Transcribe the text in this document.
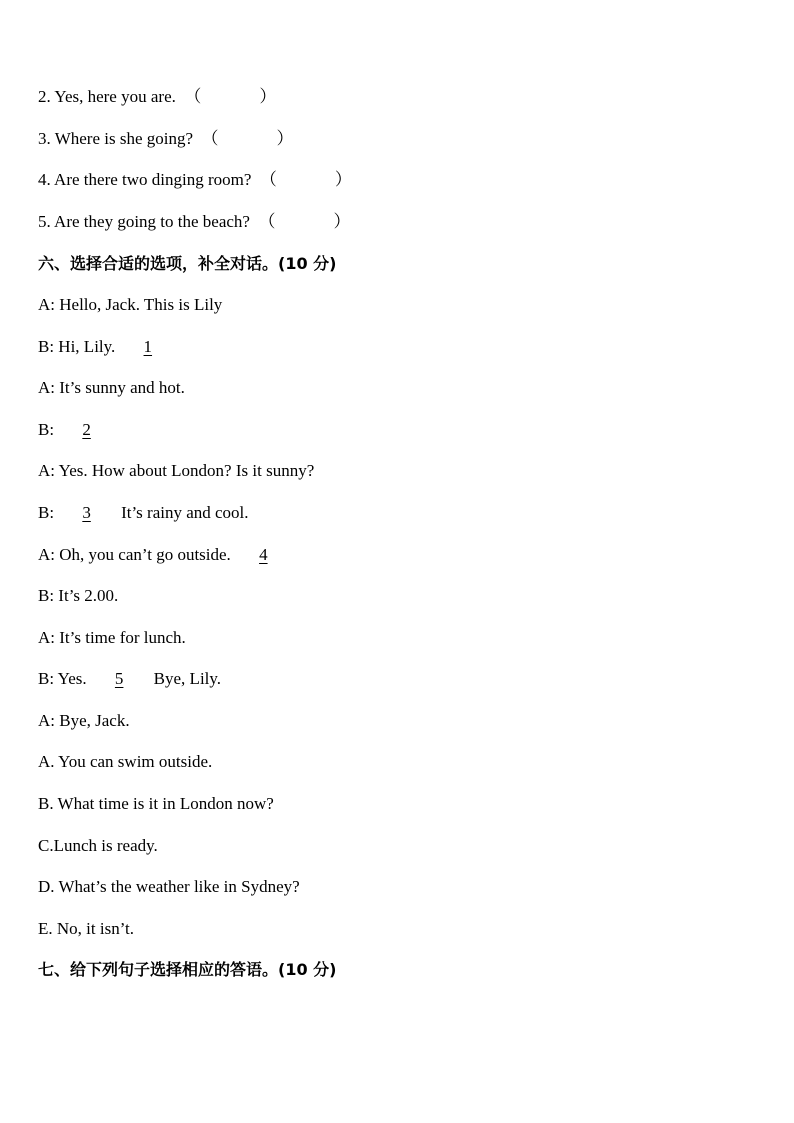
2. Yes, here you are. （	）
3. Where is she going? （	）
4. Are there two dinging room? （	）
5. Are they going to the beach? （	）
六、选择合适的选项，补全对话。(10 分)
A: Hello, Jack. This is Lily
B: Hi, Lily. 1
A: It’s sunny and hot.
B: 2
A: Yes. How about London? Is it sunny?
B: 3 It’s rainy and cool.
A: Oh, you can’t go outside. 4
B: It’s 2.00.
A: It’s time for lunch.
B: Yes. 5 Bye, Lily.
A: Bye, Jack.
A. You can swim outside.
B. What time is it in London now?
C.Lunch is ready.
D. What’s the weather like in Sydney?
E. No, it isn’t.
七、给下列句子选择相应的答语。(10 分)
